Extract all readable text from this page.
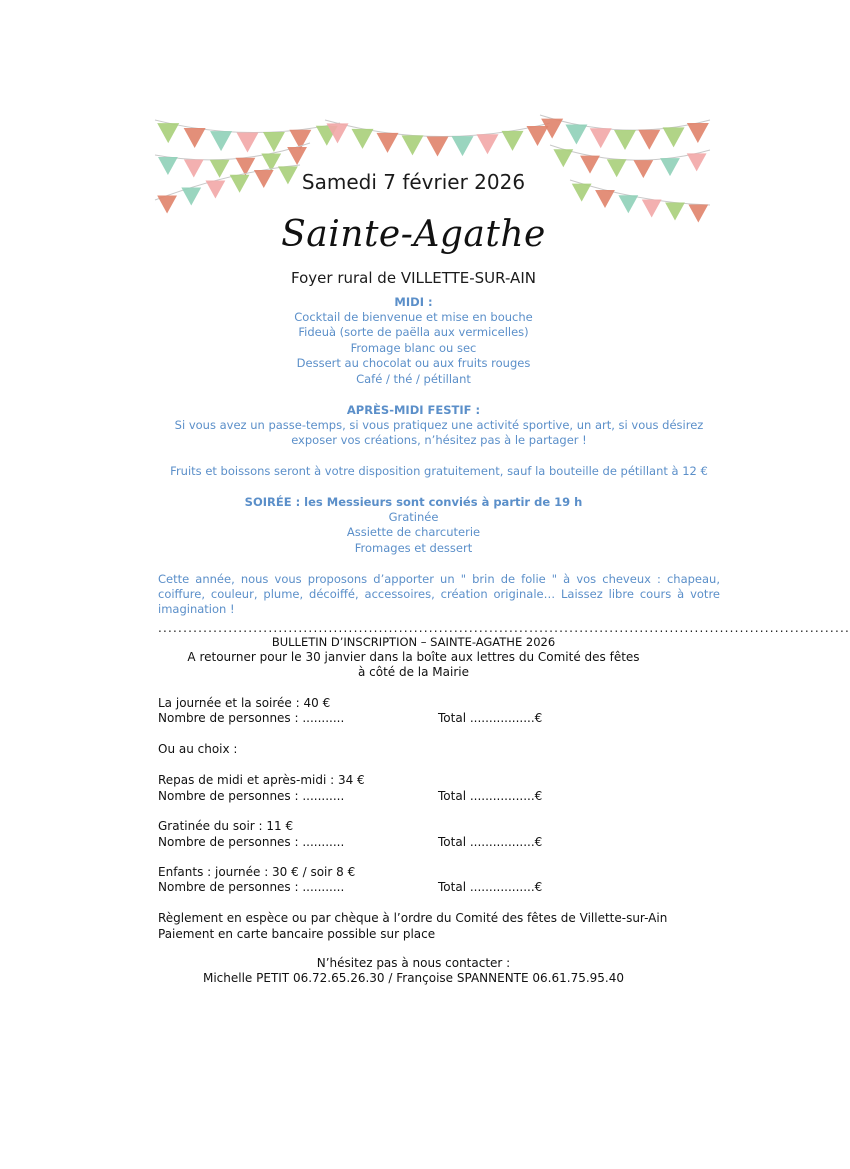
Samedi 7 février 2026
Sainte-Agathe
Foyer rural de VILLETTE-SUR-AIN
MIDI :
Cocktail de bienvenue et mise en bouche
Fideuà (sorte de paëlla aux vermicelles)
Fromage blanc ou sec
Dessert au chocolat ou aux fruits rouges
Café / thé / pétillant
APRÈS-MIDI FESTIF :
Si vous avez un passe-temps, si vous pratiquez une activité sportive, un art, si vous désirez exposer vos créations, n’hésitez pas à le partager !
Fruits et boissons seront à votre disposition gratuitement, sauf la bouteille de pétillant à 12 €
SOIRÉE : les Messieurs sont conviés à partir de 19 h
Gratinée
Assiette de charcuterie
Fromages et dessert
Cette année, nous vous proposons d’apporter un " brin de folie " à vos cheveux : chapeau, coiffure, couleur, plume, décoiffé, accessoires, création originale… Laissez libre cours à votre imagination !
..........................................................................................................................................
BULLETIN D’INSCRIPTION – SAINTE-AGATHE 2026
A retourner pour le 30 janvier dans la boîte aux lettres du Comité des fêtes
à côté de la Mairie
La journée et la soirée : 40 €
Nombre de personnes : ...........	Total .................€
Ou au choix :
Repas de midi et après-midi : 34 €
Nombre de personnes : ...........	Total .................€
Gratinée du soir : 11 €
Nombre de personnes : ...........	Total .................€
Enfants : journée : 30 € / soir 8 €
Nombre de personnes : ...........	Total .................€
Règlement en espèce ou par chèque à l’ordre du Comité des fêtes de Villette-sur-Ain
Paiement en carte bancaire possible sur place
N’hésitez pas à nous contacter :
Michelle PETIT 06.72.65.26.30 / Françoise SPANNENTE 06.61.75.95.40
